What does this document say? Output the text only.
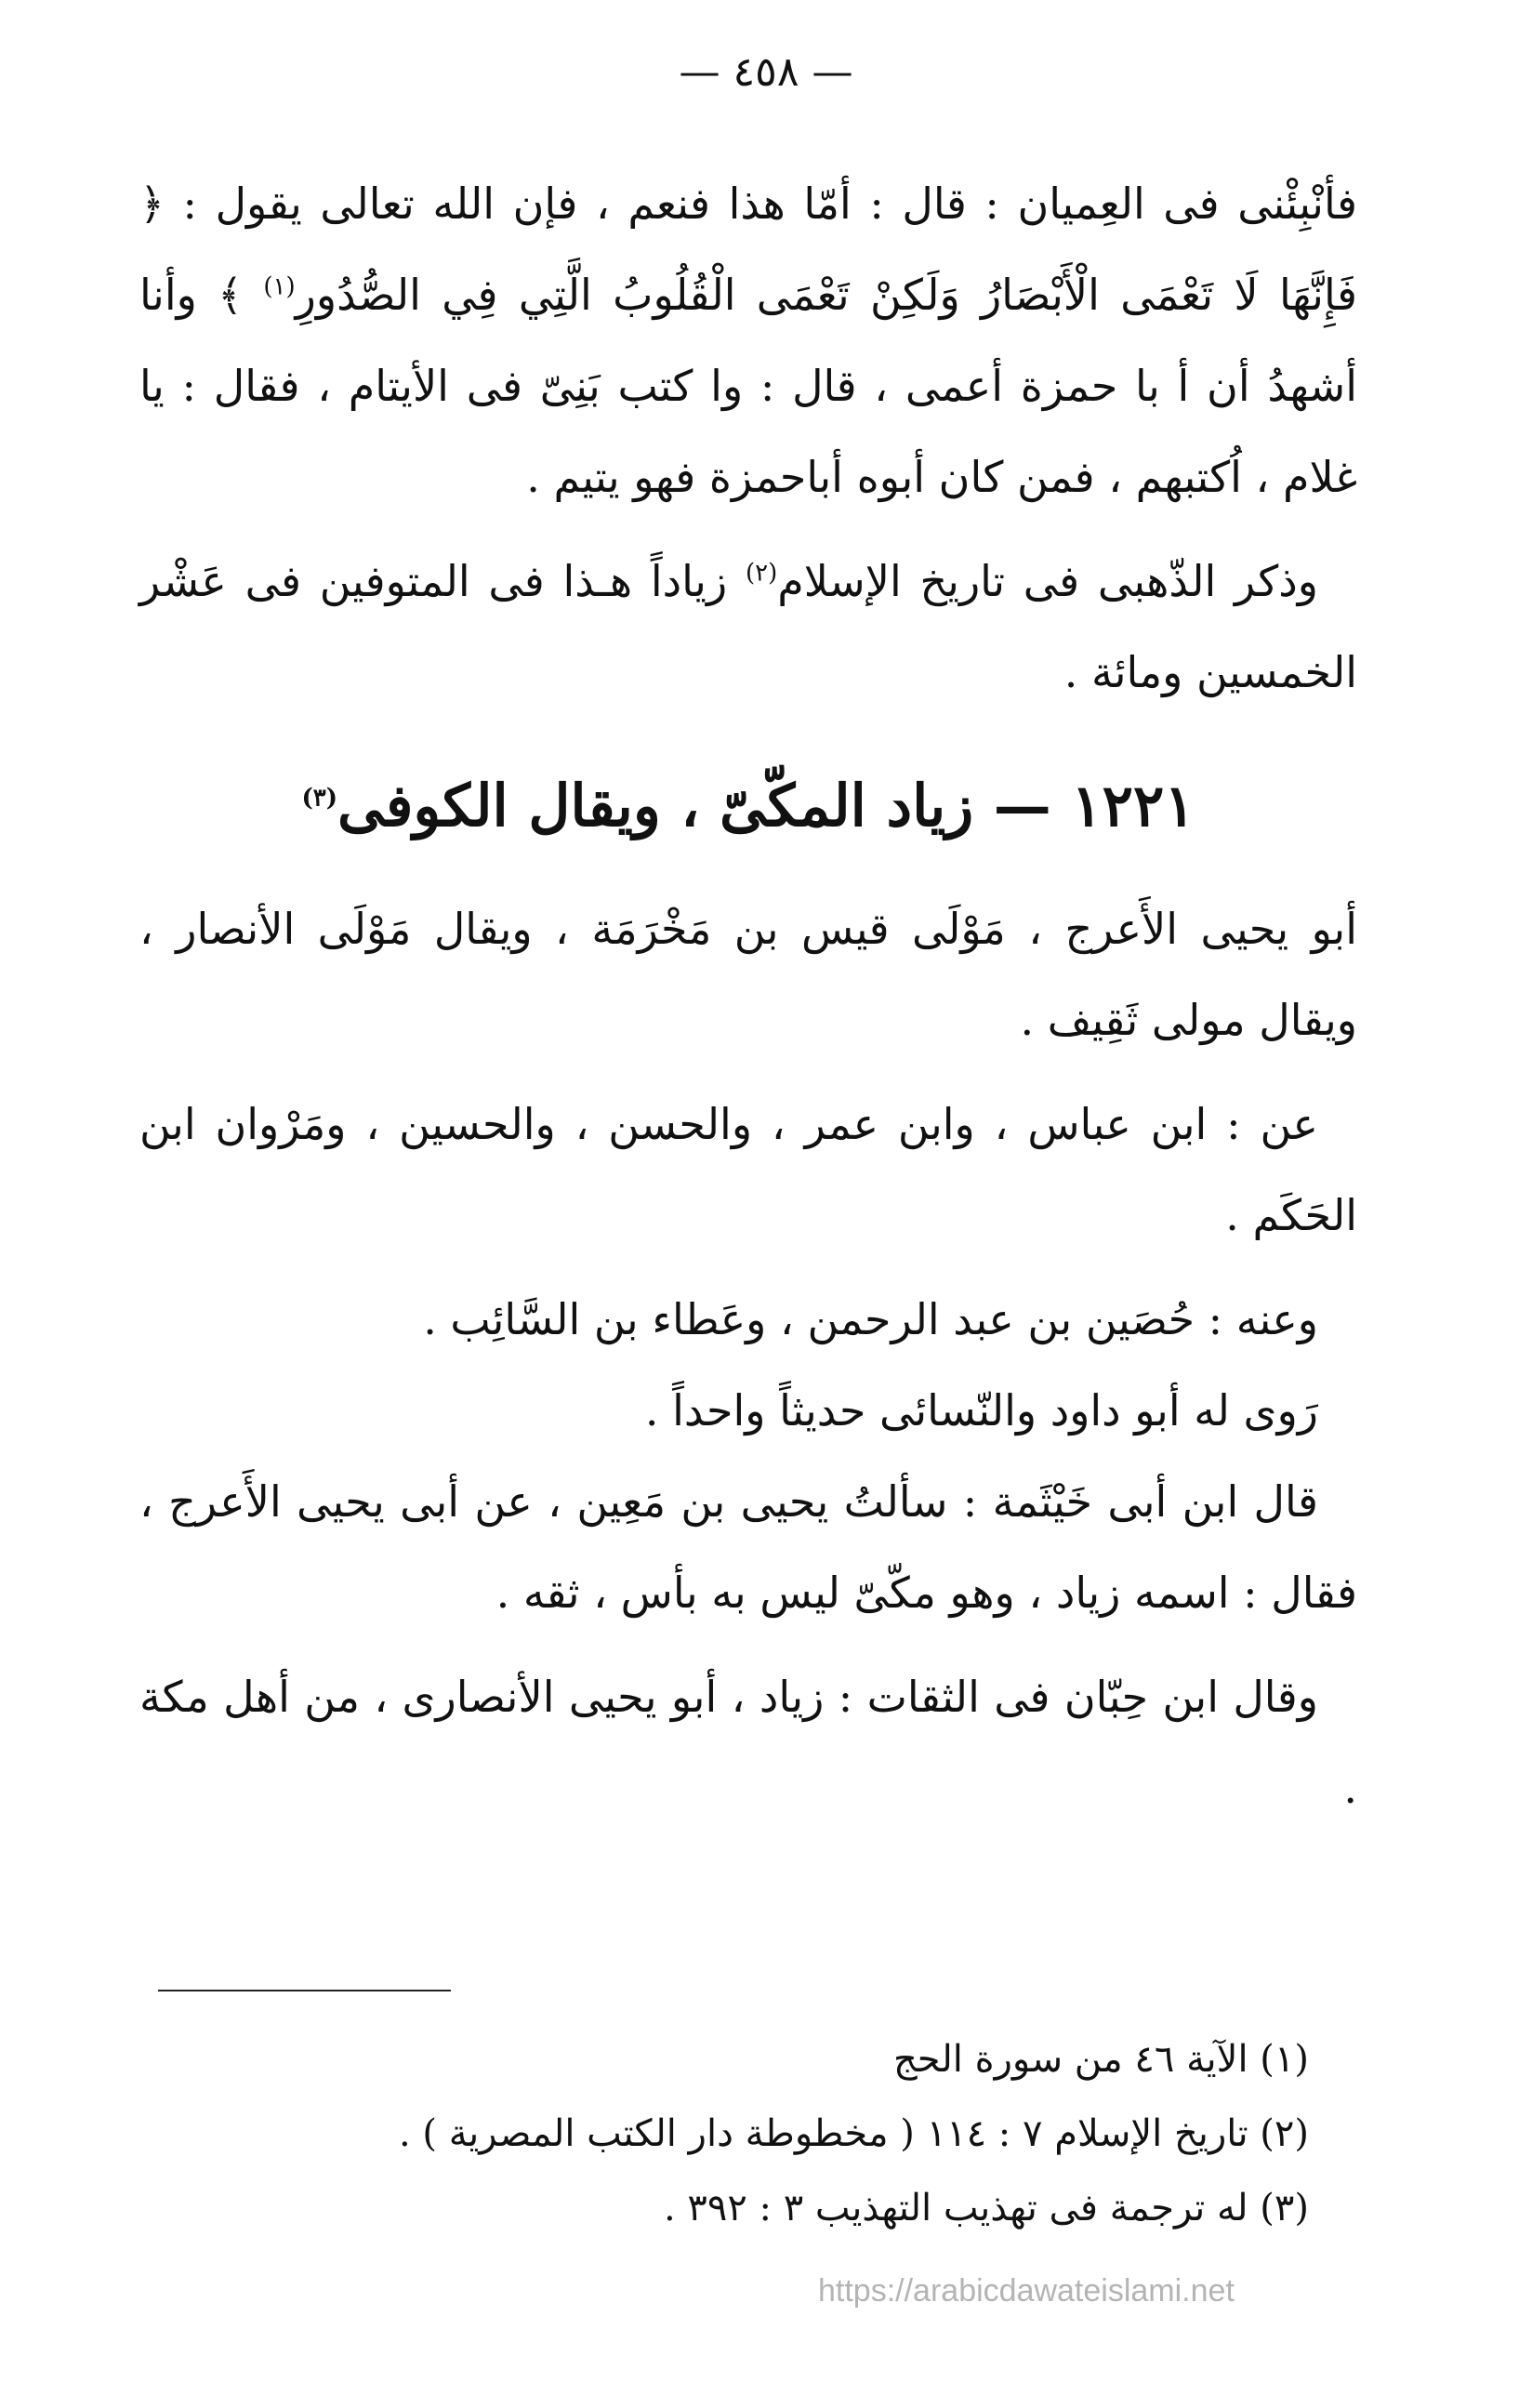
— ٤٥٨ —

فأنْبِئْنى فى العِميان : قال : أمّا هذا فنعم ، فإن الله تعالى يقول : ﴿ فَإِنَّهَا لَا تَعْمَى الْأَبْصَارُ وَلَكِنْ تَعْمَى الْقُلُوبُ الَّتِي فِي الصُّدُورِ$^{(١)}$ ﴾ وأنا أشهدُ أن أ با حمزة أعمى ، قال : وا كتب بَنِىّ فى الأيتام ، فقال : يا غلام ، اُكتبهم ، فمن كان أبوه أباحمزة فهو يتيم .

وذكر الذّهبى فى تاريخ الإسلام$^{(٢)}$ زياداً هـذا فى المتوفين فى عَشْر الخمسين ومائة .

١٢٢١ — زياد المكّىّ ، ويقال الكوفى$^{(٣)}$

أبو يحيى الأَعرج ، مَوْلَى قيس بن مَخْرَمَة ، ويقال مَوْلَى الأنصار ، ويقال مولى ثَقِيف .

عن : ابن عباس ، وابن عمر ، والحسن ، والحسين ، ومَرْوان ابن الحَكَم .

وعنه : حُصَين بن عبد الرحمن ، وعَطاء بن السَّائِب .

رَوى له أبو داود والنّسائى حديثاً واحداً .

قال ابن أبى خَيْثَمة : سألتُ يحيى بن مَعِين ، عن أبى يحيى الأَعرج ، فقال : اسمه زياد ، وهو مكّىّ ليس به بأس ، ثقه .

وقال ابن حِبّان فى الثقات : زياد ، أبو يحيى الأنصارى ، من أهل مكة .

(١) الآية ٤٦ من سورة الحج

(٢) تاريخ الإسلام ٧ : ١١٤ ( مخطوطة دار الكتب المصرية ) .

(٣) له ترجمة فى تهذيب التهذيب ٣ : ٣٩٢ .

https://arabicdawateislami.net
